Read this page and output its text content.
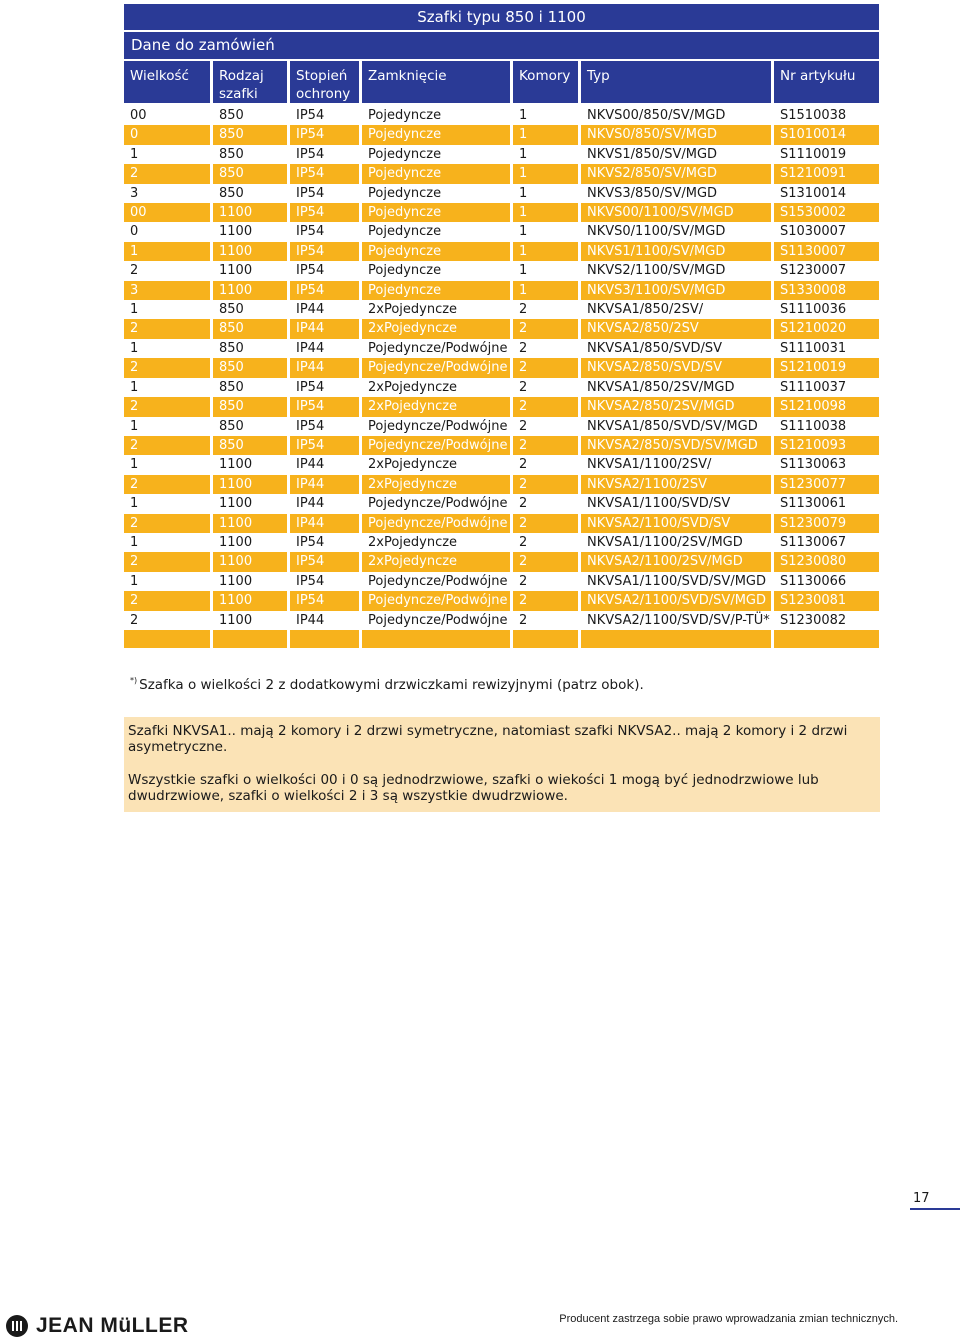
Szafki typu 850 i 1100
Dane do zamówień
Wielkość	Rodzaj szafki	Stopień ochrony	Zamknięcie	Komory	Typ	Nr artykułu
00	850	IP54	Pojedyncze	1	NKVS00/850/SV/MGD	S1510038
0	850	IP54	Pojedyncze	1	NKVS0/850/SV/MGD	S1010014
1	850	IP54	Pojedyncze	1	NKVS1/850/SV/MGD	S1110019
2	850	IP54	Pojedyncze	1	NKVS2/850/SV/MGD	S1210091
3	850	IP54	Pojedyncze	1	NKVS3/850/SV/MGD	S1310014
00	1100	IP54	Pojedyncze	1	NKVS00/1100/SV/MGD	S1530002
0	1100	IP54	Pojedyncze	1	NKVS0/1100/SV/MGD	S1030007
1	1100	IP54	Pojedyncze	1	NKVS1/1100/SV/MGD	S1130007
2	1100	IP54	Pojedyncze	1	NKVS2/1100/SV/MGD	S1230007
3	1100	IP54	Pojedyncze	1	NKVS3/1100/SV/MGD	S1330008
1	850	IP44	2xPojedyncze	2	NKVSA1/850/2SV/	S1110036
2	850	IP44	2xPojedyncze	2	NKVSA2/850/2SV	S1210020
1	850	IP44	Pojedyncze/Podwójne	2	NKVSA1/850/SVD/SV	S1110031
2	850	IP44	Pojedyncze/Podwójne	2	NKVSA2/850/SVD/SV	S1210019
1	850	IP54	2xPojedyncze	2	NKVSA1/850/2SV/MGD	S1110037
2	850	IP54	2xPojedyncze	2	NKVSA2/850/2SV/MGD	S1210098
1	850	IP54	Pojedyncze/Podwójne	2	NKVSA1/850/SVD/SV/MGD	S1110038
2	850	IP54	Pojedyncze/Podwójne	2	NKVSA2/850/SVD/SV/MGD	S1210093
1	1100	IP44	2xPojedyncze	2	NKVSA1/1100/2SV/	S1130063
2	1100	IP44	2xPojedyncze	2	NKVSA2/1100/2SV	S1230077
1	1100	IP44	Pojedyncze/Podwójne	2	NKVSA1/1100/SVD/SV	S1130061
2	1100	IP44	Pojedyncze/Podwójne	2	NKVSA2/1100/SVD/SV	S1230079
1	1100	IP54	2xPojedyncze	2	NKVSA1/1100/2SV/MGD	S1130067
2	1100	IP54	2xPojedyncze	2	NKVSA2/1100/2SV/MGD	S1230080
1	1100	IP54	Pojedyncze/Podwójne	2	NKVSA1/1100/SVD/SV/MGD	S1130066
2	1100	IP54	Pojedyncze/Podwójne	2	NKVSA2/1100/SVD/SV/MGD	S1230081
2	1100	IP44	Pojedyncze/Podwójne	2	NKVSA2/1100/SVD/SV/P-TÜ*	S1230082

*) Szafka o wielkości 2 z dodatkowymi drzwiczkami rewizyjnymi (patrz obok).

Szafki NKVSA1.. mają 2 komory i 2 drzwi symetryczne, natomiast szafki NKVSA2.. mają 2 komory i 2 drzwi asymetryczne.

Wszystkie szafki o wielkości 00 i 0 są jednodrzwiowe, szafki o wiekości 1 mogą być jednodrzwiowe lub dwudrzwiowe, szafki o wielkości 2 i 3 są wszystkie dwudrzwiowe.

17
JEAN MüLLER	Producent zastrzega sobie prawo wprowadzania zmian technicznych.
